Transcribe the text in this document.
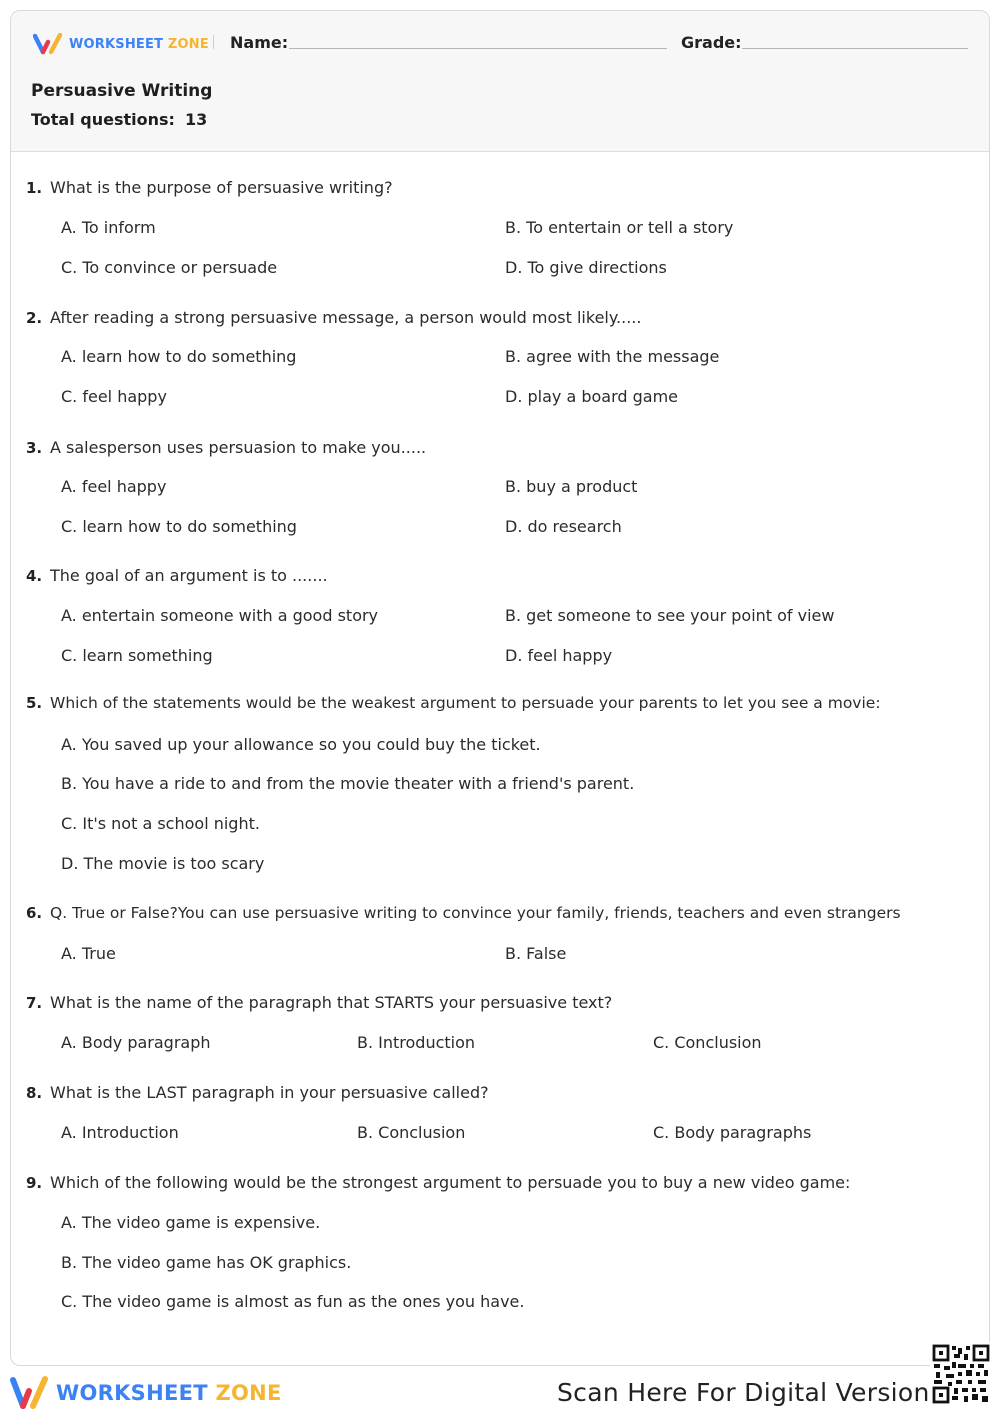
WORKSHEET ZONE Name:	Grade:
Persuasive Writing
Total questions: 13
1. What is the purpose of persuasive writing?
A. To inform	B. To entertain or tell a story
C. To convince or persuade	D. To give directions
2. After reading a strong persuasive message, a person would most likely.....
A. learn how to do something	B. agree with the message
C. feel happy	D. play a board game
3. A salesperson uses persuasion to make you.....
A. feel happy	B. buy a product
C. learn how to do something	D. do research
4. The goal of an argument is to .......
A. entertain someone with a good story	B. get someone to see your point of view
C. learn something	D. feel happy
5. Which of the statements would be the weakest argument to persuade your parents to let you see a movie:
A. You saved up your allowance so you could buy the ticket.
B. You have a ride to and from the movie theater with a friend's parent.
C. It's not a school night.
D. The movie is too scary
6. Q. True or False?You can use persuasive writing to convince your family, friends, teachers and even strangers
A. True	B. False
7. What is the name of the paragraph that STARTS your persuasive text?
A. Body paragraph	B. Introduction	C. Conclusion
8. What is the LAST paragraph in your persuasive called?
A. Introduction	B. Conclusion	C. Body paragraphs
9. Which of the following would be the strongest argument to persuade you to buy a new video game:
A. The video game is expensive.
B. The video game has OK graphics.
C. The video game is almost as fun as the ones you have.
WORKSHEET ZONE	Scan Here For Digital Version
